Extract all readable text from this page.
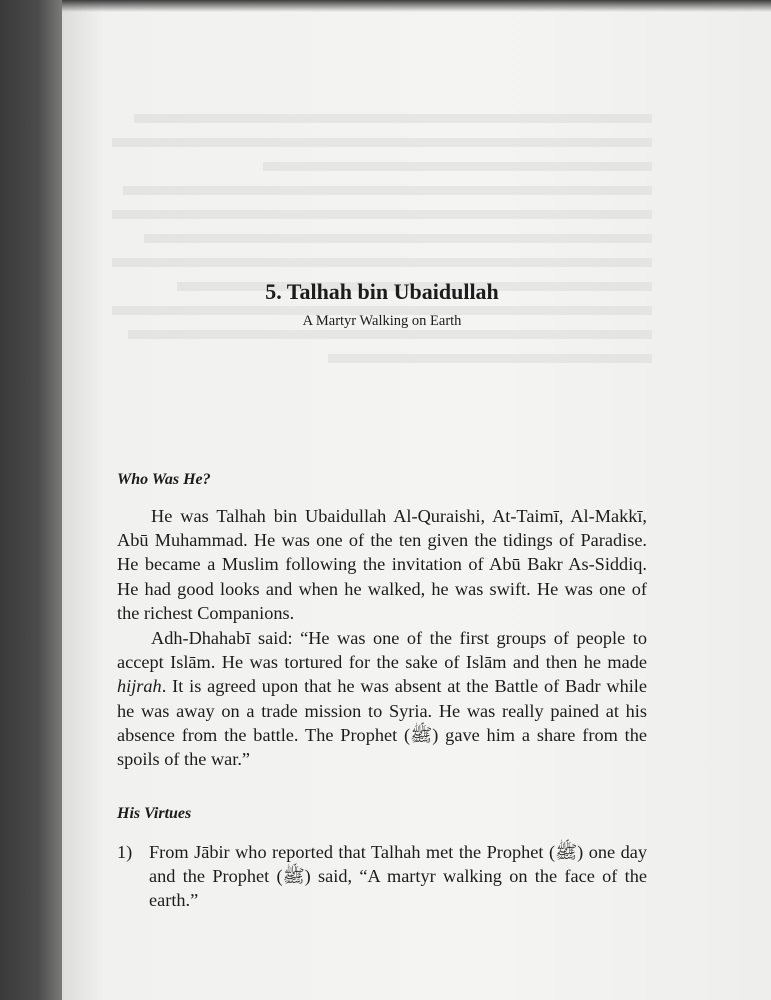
5. Talhah bin Ubaidullah
A Martyr Walking on Earth
Who Was He?

He was Talhah bin Ubaidullah Al-Quraishi, At-Taimī, Al-Makkī, Abū Muhammad. He was one of the ten given the tidings of Paradise. He became a Muslim following the invitation of Abū Bakr As-Siddiq. He had good looks and when he walked, he was swift. He was one of the richest Companions.

Adh-Dhahabī said: “He was one of the first groups of people to accept Islām. He was tortured for the sake of Islām and then he made hijrah. It is agreed upon that he was absent at the Battle of Badr while he was away on a trade mission to Syria. He was really pained at his absence from the battle. The Prophet (ﷺ) gave him a share from the spoils of the war.”

His Virtues
1) From Jābir who reported that Talhah met the Prophet (ﷺ) one day and the Prophet (ﷺ) said, “A martyr walking on the face of the earth.”
